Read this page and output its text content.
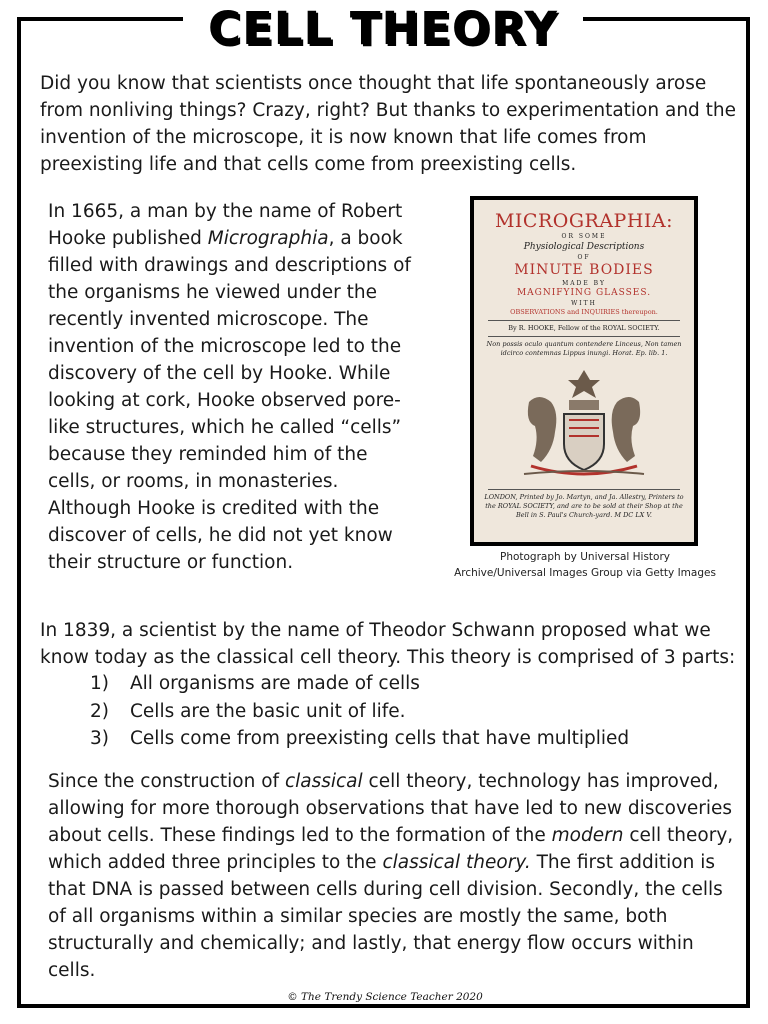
CELL THEORY
Did you know that scientists once thought that life spontaneously arose from nonliving things? Crazy, right? But thanks to experimentation and the invention of the microscope, it is now known that life comes from preexisting life and that cells come from preexisting cells.
In 1665, a man by the name of Robert Hooke published Micrographia, a book filled with drawings and descriptions of the organisms he viewed under the recently invented microscope. The invention of the microscope led to the discovery of the cell by Hooke. While looking at cork, Hooke observed pore-like structures, which he called “cells” because they reminded him of the cells, or rooms, in monasteries. Although Hooke is credited with the discover of cells, he did not yet know their structure or function.
MICROGRAPHIA:
OR SOME
Physiological Descriptions
OF
MINUTE BODIES
MADE BY
MAGNIFYING GLASSES.
WITH
OBSERVATIONS and INQUIRIES thereupon.
By R. HOOKE, Fellow of the ROYAL SOCIETY.
Non possis oculo quantum contendere Linceus, Non tamen idcirco contemnas Lippus inungi. Horat. Ep. lib. 1.
LONDON, Printed by Jo. Martyn, and Ja. Allestry, Printers to the ROYAL SOCIETY, and are to be sold at their Shop at the Bell in S. Paul's Church-yard. M DC LX V.
Photograph by Universal History
Archive/Universal Images Group via Getty Images
In 1839, a scientist by the name of Theodor Schwann proposed what we know today as the classical cell theory. This theory is comprised of 3 parts:
1)	All organisms are made of cells
2)	Cells are the basic unit of life.
3)	Cells come from preexisting cells that have multiplied
Since the construction of classical cell theory, technology has improved, allowing for more thorough observations that have led to new discoveries about cells. These findings led to the formation of the modern cell theory, which added three principles to the classical theory. The first addition is that DNA is passed between cells during cell division. Secondly, the cells of all organisms within a similar species are mostly the same, both structurally and chemically; and lastly, that energy flow occurs within cells.
© The Trendy Science Teacher 2020
